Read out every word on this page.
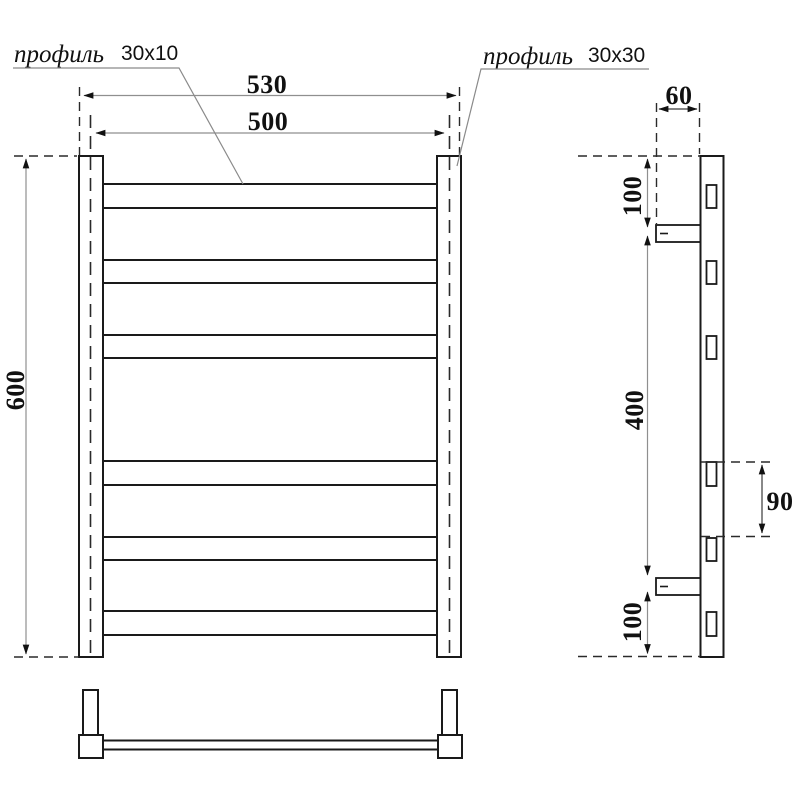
530
500
600
профиль 30x10	профиль 30x30
60
100
400
90
100
